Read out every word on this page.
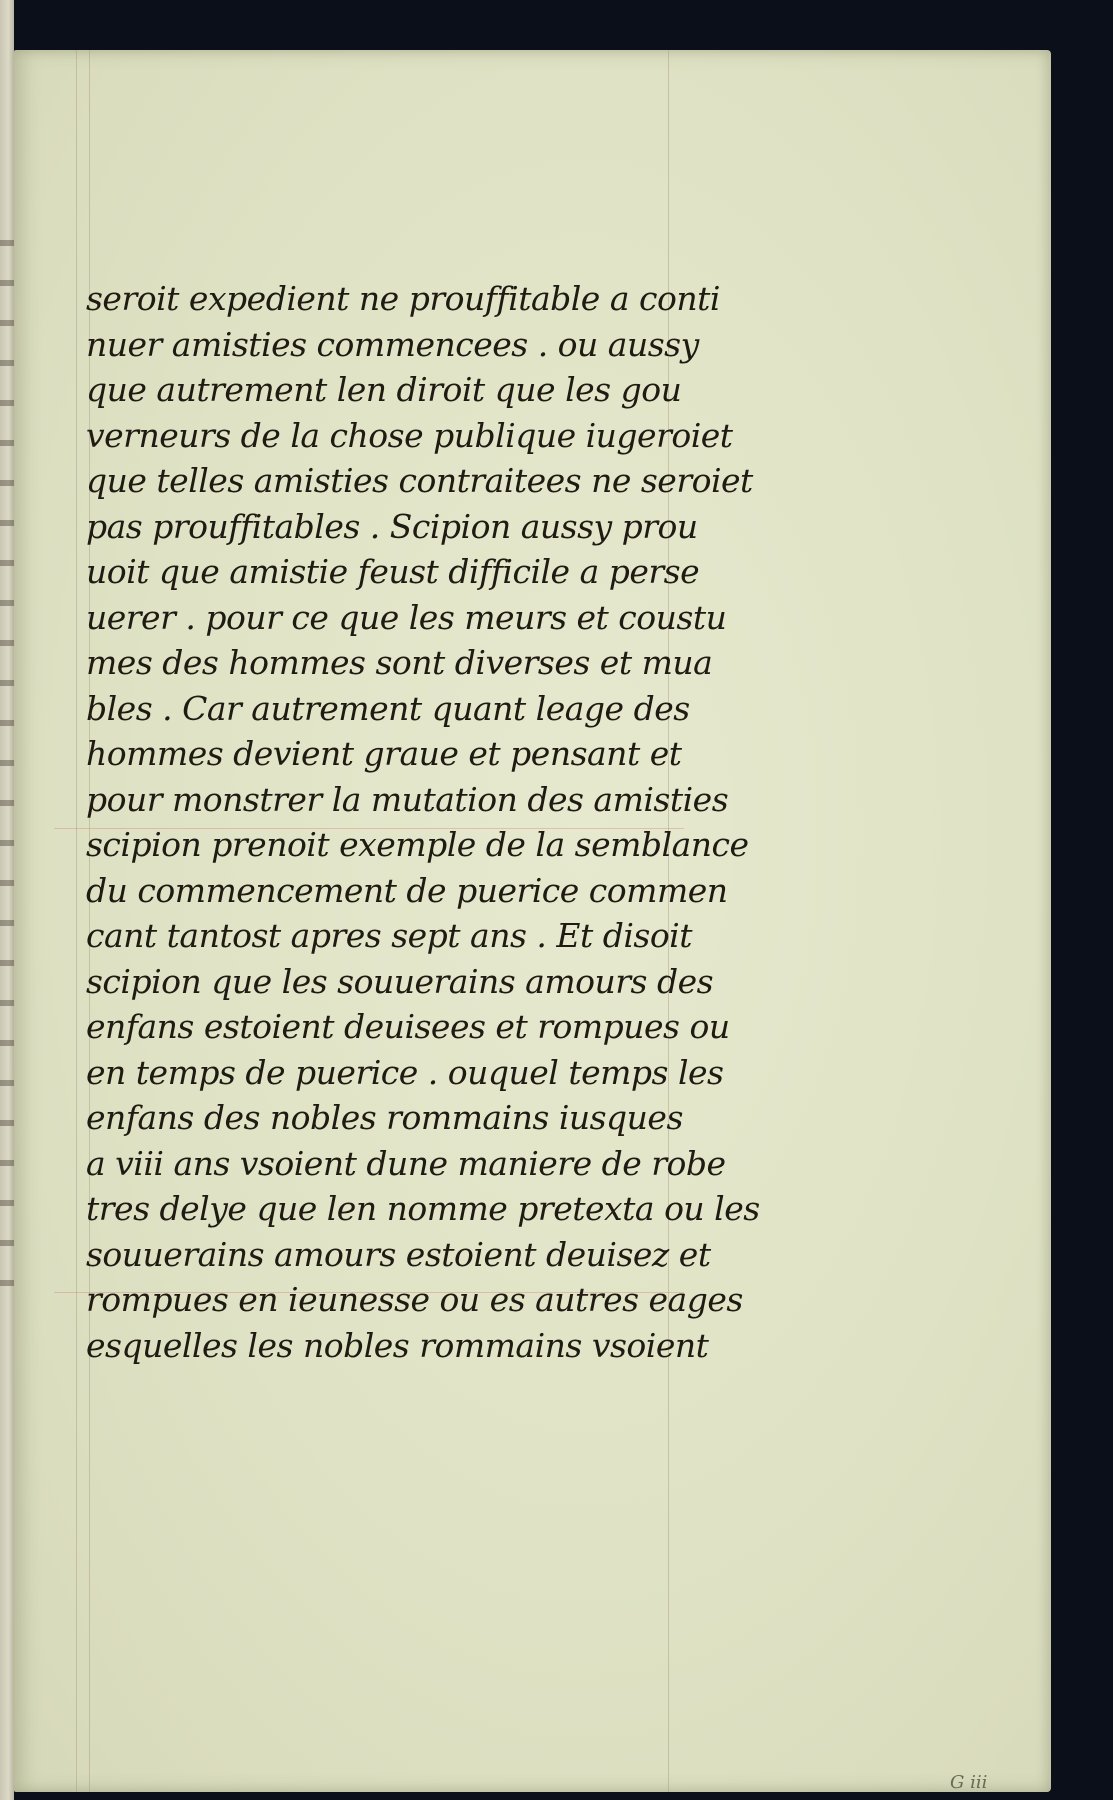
seroit expedient ne prouffitable a conti
nuer amisties commencees . ou aussy
que autrement len diroit que les gou
verneurs de la chose publique iugeroiet
que telles amisties contraitees ne seroiet
pas prouffitables . Scipion aussy prou
uoit que amistie feust difficile a perse
uerer . pour ce que les meurs et coustu
mes des hommes sont diverses et mua
bles . Car autrement quant leage des
hommes devient graue et pensant et
pour monstrer la mutation des amisties
scipion prenoit exemple de la semblance
du commencement de puerice commen
cant tantost apres sept ans . Et disoit
scipion que les souuerains amours des
enfans estoient deuisees et rompues ou
en temps de puerice . ouquel temps les
enfans des nobles rommains iusques
a viii ans vsoient dune maniere de robe
tres delye que len nomme pretexta ou les
souuerains amours estoient deuisez et
rompues en ieunesse ou es autres eages
esquelles les nobles rommains vsoient
G iii
